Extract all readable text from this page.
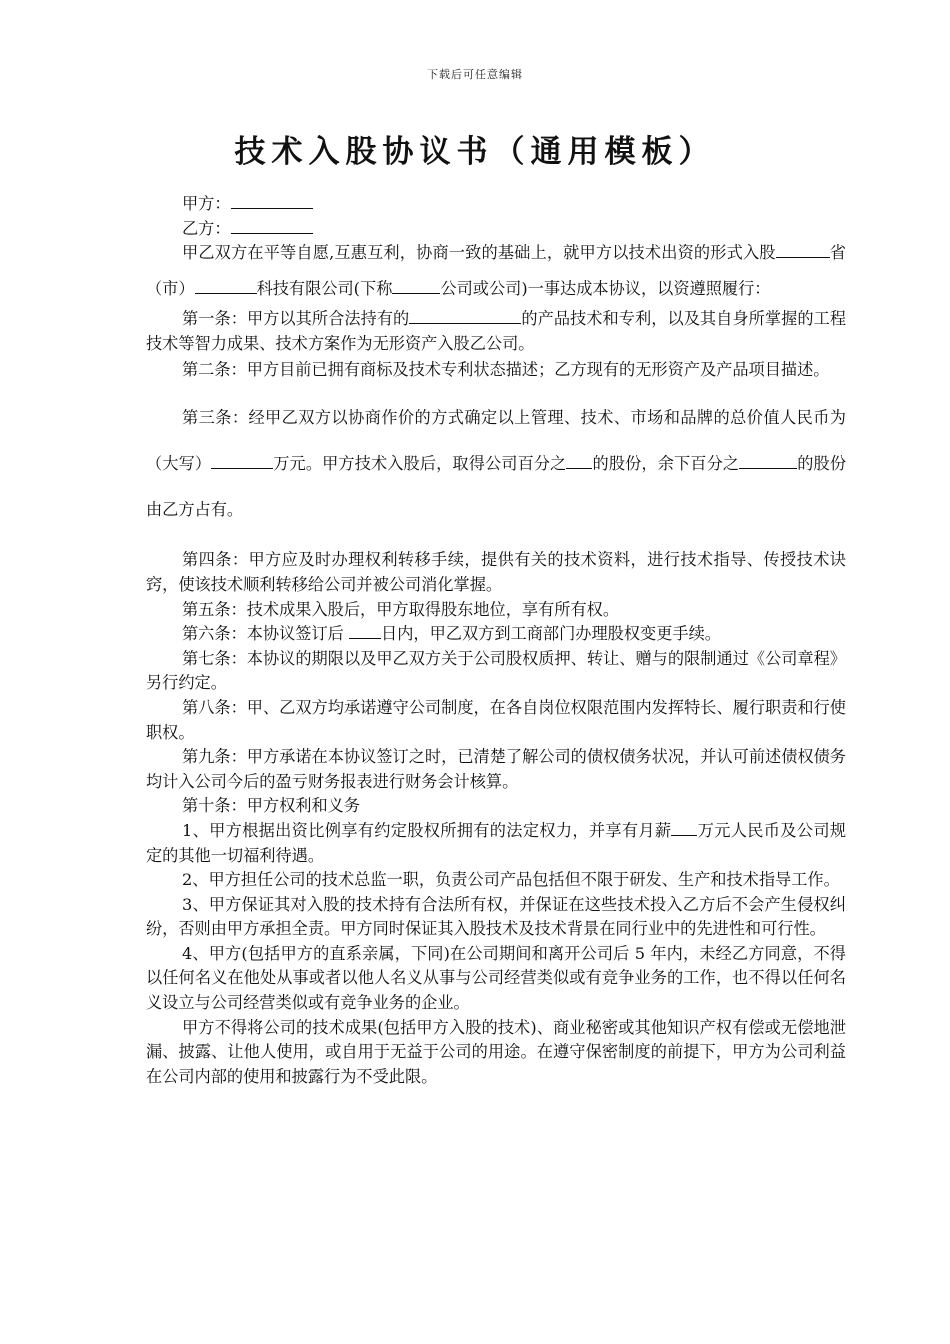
下载后可任意编辑
技术入股协议书（通用模板）

甲方：

乙方：

甲乙双方在平等自愿,互惠互利，协商一致的基础上，就甲方以技术出资的形式入股	省（市）	科技有限公司(下称	公司或公司)一事达成本协议，以资遵照履行：

第一条：甲方以其所合法持有的	的产品技术和专利，以及其自身所掌握的工程技术等智力成果、技术方案作为无形资产入股乙公司。

第二条：甲方目前已拥有商标及技术专利状态描述；乙方现有的无形资产及产品项目描述。

第三条：经甲乙双方以协商作价的方式确定以上管理、技术、市场和品牌的总价值人民币为（大写）	万元。甲方技术入股后，取得公司百分之 的股份，余下百分之	的股份由乙方占有。

第四条：甲方应及时办理权利转移手续，提供有关的技术资料，进行技术指导、传授技术诀窍，使该技术顺利转移给公司并被公司消化掌握。

第五条：技术成果入股后，甲方取得股东地位，享有所有权。

第六条：本协议签订后 日内，甲乙双方到工商部门办理股权变更手续。

第七条：本协议的期限以及甲乙双方关于公司股权质押、转让、赠与的限制通过《公司章程》另行约定。

第八条：甲、乙双方均承诺遵守公司制度，在各自岗位权限范围内发挥特长、履行职责和行使职权。

第九条：甲方承诺在本协议签订之时，已清楚了解公司的债权债务状况，并认可前述债权债务均计入公司今后的盈亏财务报表进行财务会计核算。

第十条：甲方权利和义务

1、甲方根据出资比例享有约定股权所拥有的法定权力，并享有月薪 万元人民币及公司规定的其他一切福利待遇。

2、甲方担任公司的技术总监一职，负责公司产品包括但不限于研发、生产和技术指导工作。

3、甲方保证其对入股的技术持有合法所有权，并保证在这些技术投入乙方后不会产生侵权纠纷，否则由甲方承担全责。甲方同时保证其入股技术及技术背景在同行业中的先进性和可行性。

4、甲方(包括甲方的直系亲属，下同)在公司期间和离开公司后 5 年内，未经乙方同意，不得以任何名义在他处从事或者以他人名义从事与公司经营类似或有竞争业务的工作，也不得以任何名义设立与公司经营类似或有竞争业务的企业。

甲方不得将公司的技术成果(包括甲方入股的技术)、商业秘密或其他知识产权有偿或无偿地泄漏、披露、让他人使用，或自用于无益于公司的用途。在遵守保密制度的前提下，甲方为公司利益在公司内部的使用和披露行为不受此限。
